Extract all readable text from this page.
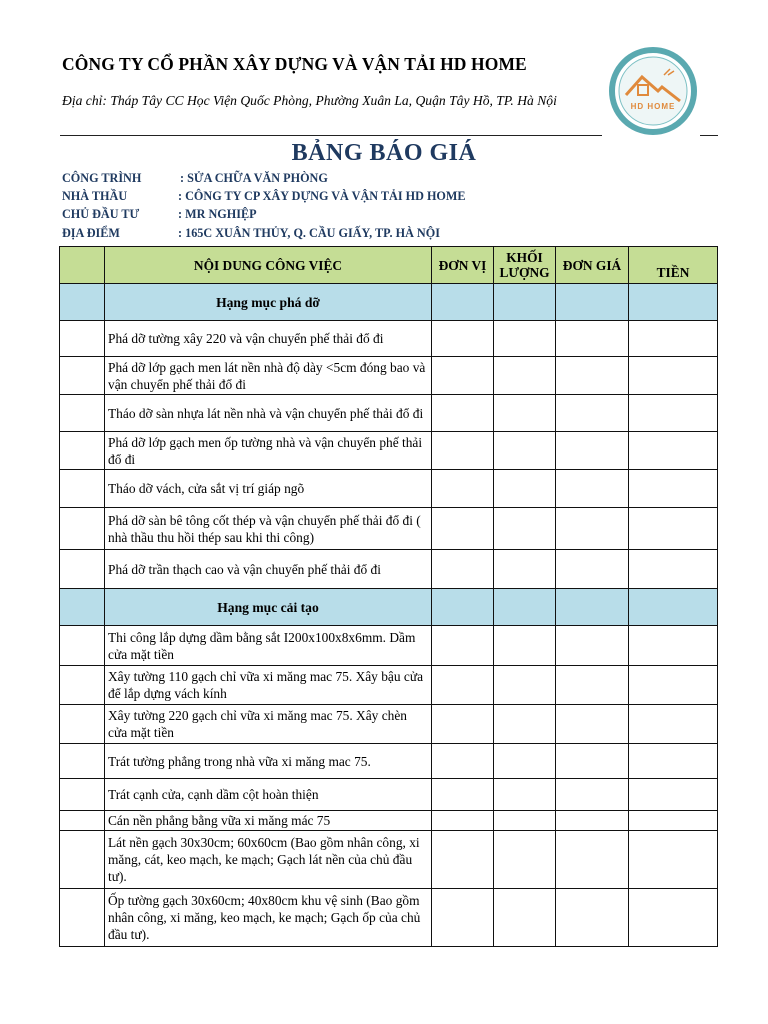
CÔNG TY CỔ PHẦN XÂY DỰNG VÀ VẬN TẢI HD HOME
Địa chỉ: Tháp Tây CC Học Viện Quốc Phòng, Phường Xuân La, Quận Tây Hồ, TP. Hà Nội	HD HOME
BẢNG BÁO GIÁ
CÔNG TRÌNH	: SỬA CHỮA VĂN PHÒNG
NHÀ THẦU	: CÔNG TY CP XÂY DỰNG VÀ VẬN TẢI HD HOME
CHỦ ĐẦU TƯ	: MR NGHIỆP
ĐỊA ĐIỂM	: 165C XUÂN THỦY, Q. CẦU GIẤY, TP. HÀ NỘI
	NỘI DUNG CÔNG VIỆC	ĐƠN VỊ	KHỐI LƯỢNG	ĐƠN GIÁ	TIỀN
	Hạng mục phá dỡ				
	Phá dỡ tường xây 220 và vận chuyển phế thải đổ đi				
	Phá dỡ lớp gạch men lát nền nhà độ dày <5cm đóng bao và vận chuyển phế thải đổ đi				
	Tháo dỡ sàn nhựa lát nền nhà và vận chuyển phế thải đổ đi				
	Phá dỡ lớp gạch men ốp tường nhà và vận chuyển phế thải đổ đi				
	Tháo dỡ vách, cửa sắt vị trí giáp ngõ				
	Phá dỡ sàn bê tông cốt thép và vận chuyển phế thải đổ đi ( nhà thầu thu hồi thép sau khi thi công)				
	Phá dỡ trần thạch cao và vận chuyển phế thải đổ đi				
	Hạng mục cải tạo				
	Thi công lắp dựng dầm bằng sắt I200x100x8x6mm. Dầm cửa mặt tiền				
	Xây tường 110 gạch chỉ vữa xi măng mac 75. Xây bậu cửa để lắp dựng vách kính				
	Xây tường 220 gạch chỉ vữa xi măng mac 75. Xây chèn cửa mặt tiền				
	Trát tường phẳng trong nhà vữa xi măng mac 75.				
	Trát cạnh cửa, cạnh dầm cột hoàn thiện				
	Cán nền phẳng bằng vữa xi măng mác 75				
	Lát nền gạch 30x30cm; 60x60cm (Bao gồm nhân công, xi măng, cát, keo mạch, ke mạch; Gạch lát nền của chủ đầu tư).				
	Ốp tường gạch 30x60cm; 40x80cm khu vệ sinh (Bao gồm nhân công, xi măng, keo mạch, ke mạch; Gạch ốp của chủ đầu tư).				
